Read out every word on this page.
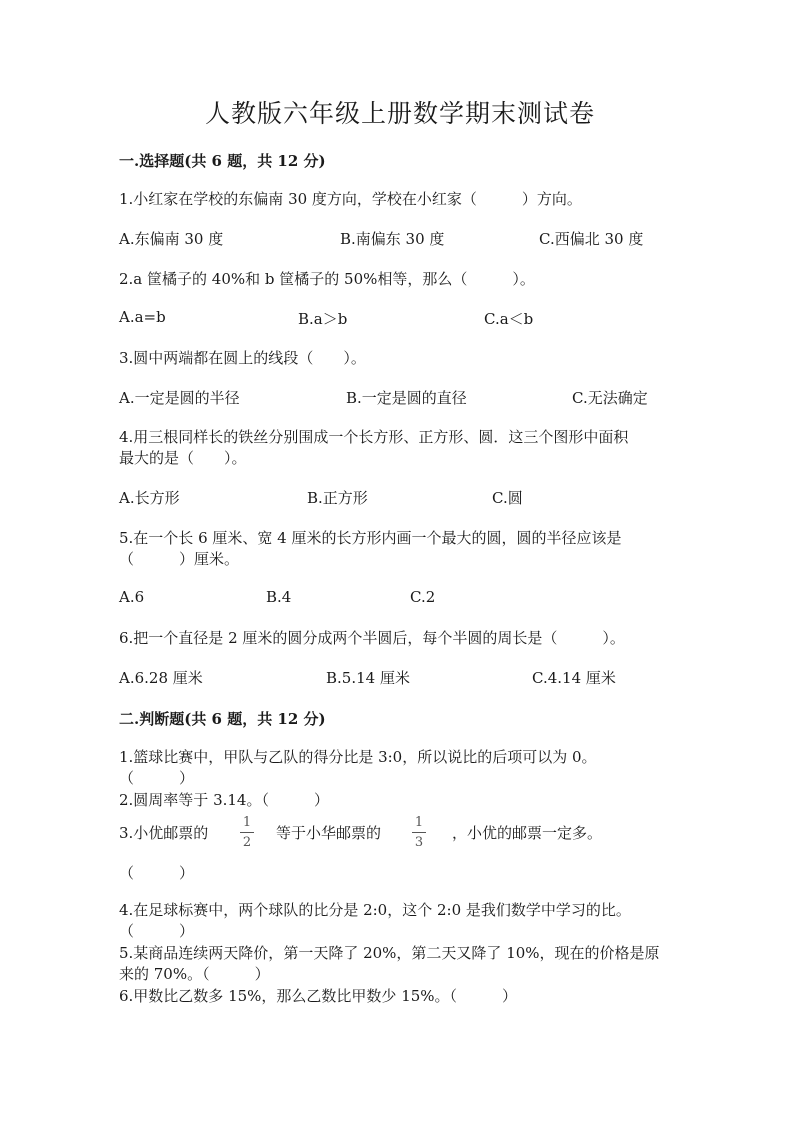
人教版六年级上册数学期末测试卷
一.选择题(共 6 题，共 12 分)
1.小红家在学校的东偏南 30 度方向，学校在小红家（　　　）方向。
A.东偏南 30 度	B.南偏东 30 度	C.西偏北 30 度
2.a 筐橘子的 40%和 b 筐橘子的 50%相等，那么（　　　）。
A.a=b	B.a＞b	C.a＜b
3.圆中两端都在圆上的线段（　　）。
A.一定是圆的半径	B.一定是圆的直径	C.无法确定
4.用三根同样长的铁丝分别围成一个长方形、正方形、圆．这三个图形中面积
最大的是（　　）。
A.长方形	B.正方形	C.圆
5.在一个长 6 厘米、宽 4 厘米的长方形内画一个最大的圆，圆的半径应该是
（　　　）厘米。
A.6	B.4	C.2
6.把一个直径是 2 厘米的圆分成两个半圆后，每个半圆的周长是（　　　）。
A.6.28 厘米	B.5.14 厘米	C.4.14 厘米
二.判断题(共 6 题，共 12 分)
1.篮球比赛中，甲队与乙队的得分比是 3:0，所以说比的后项可以为 0。
（　　　）
2.圆周率等于 3.14。（　　　）
3.小优邮票的
1
2
等于小华邮票的
1
3
，小优的邮票一定多。
（　　　）
4.在足球标赛中，两个球队的比分是 2:0，这个 2:0 是我们数学中学习的比。
（　　　）
5.某商品连续两天降价，第一天降了 20%，第二天又降了 10%，现在的价格是原
来的 70%。（　　　）
6.甲数比乙数多 15%，那么乙数比甲数少 15%。（　　　）
